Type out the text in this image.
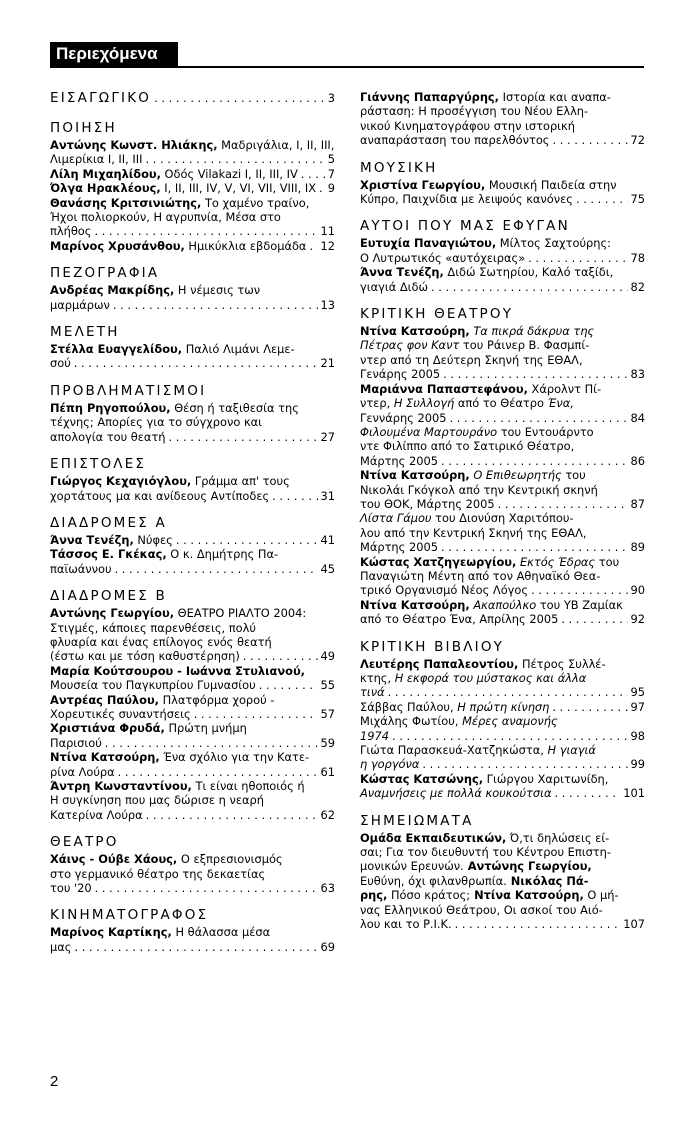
Περιεχόμενα
ΕΙΣΑΓΩΓΙΚΟ . . .	3
ΠΟΙΗΣΗ
Αντώνης Κωνστ. Ηλιάκης, Μαδριγάλια, I, II, III,
Λιμερίκια I, II, III . . .	5
Λίλη Μιχαηλίδου, Οδός Vilakazi I, II, III, IV . . .	7
Όλγα Ηρακλέους, I, II, III, IV, V, VI, VII, VIII, IX . . . 9
Θανάσης Κριτσινιώτης, Το χαμένο τραίνο,
Ήχοι πολιορκούν, Η αγρυπνία, Μέσα στο
πλήθος . . .	11
Μαρίνος Χρυσάνθου, Ημικύκλια εβδομάδα . . . 12
ΠΕΖΟΓΡΑΦΙΑ
Ανδρέας Μακρίδης, Η νέμεσις των
μαρμάρων . . .	13
ΜΕΛΕΤΗ
Στέλλα Ευαγγελίδου, Παλιό Λιμάνι Λεμε-
σού . . .	21
ΠΡΟΒΛΗΜΑΤΙΣΜΟΙ
Πέπη Ρηγοπούλου, Θέση ή ταξιθεσία της
τέχνης; Απορίες για το σύγχρονο και
απολογία του θεατή . . .	27
ΕΠΙΣΤΟΛΕΣ
Γιώργος Κεχαγιόγλου, Γράμμα απ' τους
χορτάτους μα και ανίδεους Αντίποδες . . .	31
ΔΙΑΔΡΟΜΕΣ Α
Άννα Τενέζη, Νύφες . . .	41
Τάσσος Ε. Γκέκας, Ο κ. Δημήτρης Πα-
παϊωάννου . . .	45
ΔΙΑΔΡΟΜΕΣ Β
Αντώνης Γεωργίου, ΘΕΑΤΡΟ ΡΙΑΛΤΟ 2004:
Στιγμές, κάποιες παρενθέσεις, πολύ
φλυαρία και ένας επίλογος ενός θεατή
(έστω και με τόση καθυστέρηση) . . .	49
Μαρία Κούτσουρου - Ιωάννα Στυλιανού,
Μουσεία του Παγκυπρίου Γυμνασίου . . .	55
Αντρέας Παύλου, Πλατφόρμα χορού -
Χορευτικές συναντήσεις . . .	57
Χριστιάνα Φρυδά, Πρώτη μνήμη
Παρισιού . . .	59
Ντίνα Κατσούρη, Ένα σχόλιο για την Κατε-
ρίνα Λούρα . . .	61
Άντρη Κωνσταντίνου, Τι είναι ηθοποιός ή
Η συγκίνηση που μας δώρισε η νεαρή
Κατερίνα Λούρα . . .	62
ΘΕΑΤΡΟ
Χάινς - Ούβε Χάους, Ο εξπρεσιονισμός
στο γερμανικό θέατρο της δεκαετίας
του '20 . . .	63
ΚΙΝΗΜΑΤΟΓΡΑΦΟΣ
Μαρίνος Καρτίκης, Η θάλασσα μέσα
μας . . .	69
Γιάννης Παπαργύρης, Ιστορία και αναπα-
ράσταση: Η προσέγγιση του Νέου Ελλη-
νικού Κινηματογράφου στην ιστορική
αναπαράσταση του παρελθόντος . . .	72
ΜΟΥΣΙΚΗ
Χριστίνα Γεωργίου, Μουσική Παιδεία στην
Κύπρο, Παιχνίδια με λειψούς κανόνες . . .	75
ΑΥΤΟΙ ΠΟΥ ΜΑΣ ΕΦΥΓΑΝ
Ευτυχία Παναγιώτου, Μίλτος Σαχτούρης:
Ο Λυτρωτικός «αυτόχειρας» . . .	78
Άννα Τενέζη, Διδώ Σωτηρίου, Καλό ταξίδι,
γιαγιά Διδώ . . .	82
ΚΡΙΤΙΚΗ ΘΕΑΤΡΟΥ
Ντίνα Κατσούρη, Τα πικρά δάκρυα της
Πέτρας φον Καντ του Ράινερ Β. Φασμπί-
ντερ από τη Δεύτερη Σκηνή της ΕΘΑΛ,
Γενάρης 2005 . . .	83
Μαριάννα Παπαστεφάνου, Χάρολντ Πί-
ντερ, Η Συλλογή από το Θέατρο Ένα,
Γεννάρης 2005 . . .	84
Φιλουμένα Μαρτουράνο του Εντουάρντο
ντε Φιλίππο από το Σατιρικό Θέατρο,
Μάρτης 2005 . . .	86
Ντίνα Κατσούρη, Ο Επιθεωρητής του
Νικολάι Γκόγκολ από την Κεντρική σκηνή
του ΘΟΚ, Μάρτης 2005 . . .	87
Λίστα Γάμου του Διονύση Χαριτόπου-
λου από την Κεντρική Σκηνή της ΕΘΑΛ,
Μάρτης 2005 . . .	89
Κώστας Χατζηγεωργίου, Εκτός Έδρας του
Παναγιώτη Μέντη από τον Αθηναϊκό Θεα-
τρικό Οργανισμό Νέος Λόγος . . .	90
Ντίνα Κατσούρη, Ακαπούλκο του ΥΒ Ζαμίακ
από το Θέατρο Ένα, Απρίλης 2005 . . .	92
ΚΡΙΤΙΚΗ ΒΙΒΛΙΟΥ
Λευτέρης Παπαλεοντίου, Πέτρος Συλλέ-
κτης, Η εκφορά του μύστακος και άλλα
τινά . . .	95
Σάββας Παύλου, Η πρώτη κίνηση . . .	97
Μιχάλης Φωτίου, Μέρες αναμονής
1974 . . .	98
Γιώτα Παρασκευά-Χατζηκώστα, Η γιαγιά
η γοργόνα . . .	99
Κώστας Κατσώνης, Γιώργου Χαριτωνίδη,
Αναμνήσεις με πολλά κουκούτσια . . .	101
ΣΗΜΕΙΩΜΑΤΑ
Ομάδα Εκπαιδευτικών, Ό,τι δηλώσεις εί-
σαι; Για τον διευθυντή του Κέντρου Επιστη-
μονικών Ερευνών. Αντώνης Γεωργίου,
Ευθύνη, όχι φιλανθρωπία. Νικόλας Πά-
ρης, Πόσο κράτος; Ντίνα Κατσούρη, Ο μή-
νας Ελληνικού Θεάτρου, Οι ασκοί του Αιό-
λου και το Ρ.Ι.Κ. . . .	107
2
